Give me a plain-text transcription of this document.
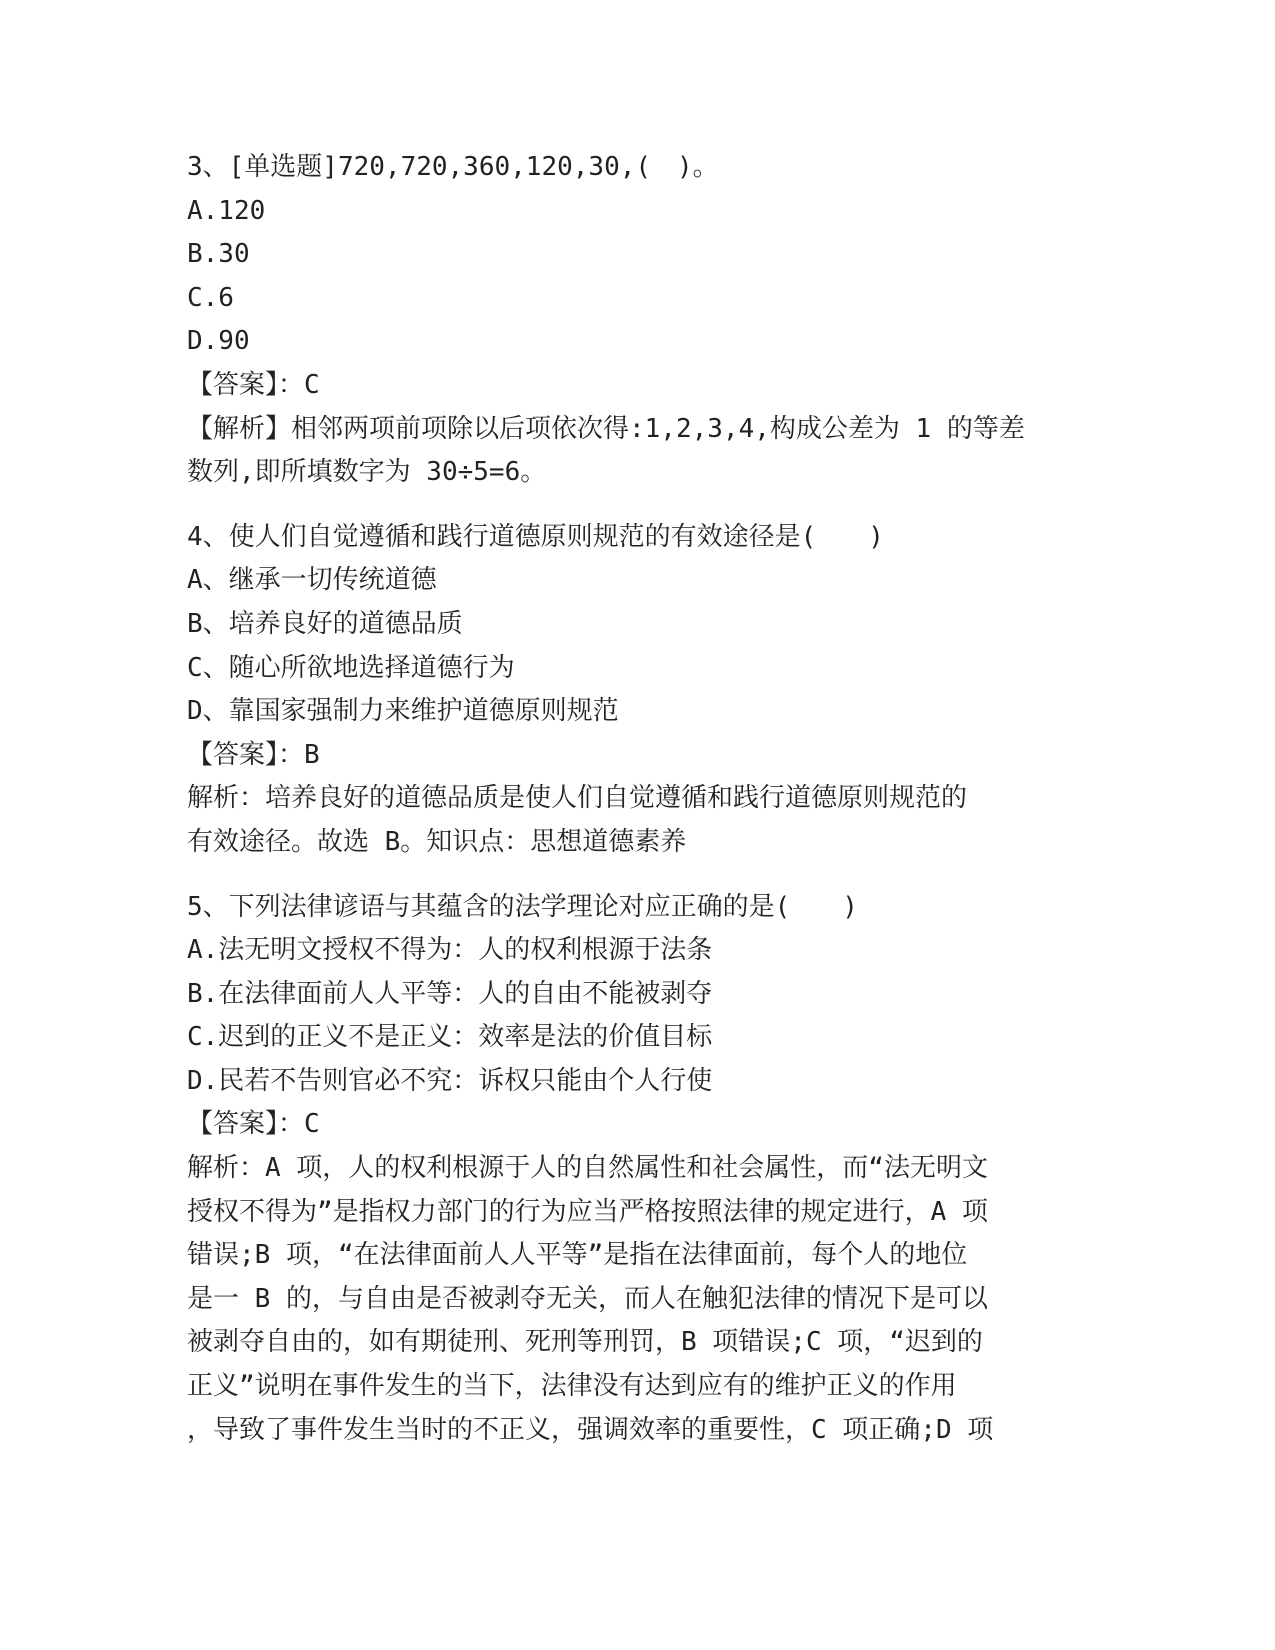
3、[单选题]720,720,360,120,30,(　)。
A.120
B.30
C.6
D.90
【答案】：C
【解析】相邻两项前项除以后项依次得:1,2,3,4,构成公差为 1 的等差
数列,即所填数字为 30÷5=6。
4、使人们自觉遵循和践行道德原则规范的有效途径是(　　)
A、继承一切传统道德
B、培养良好的道德品质
C、随心所欲地选择道德行为
D、靠国家强制力来维护道德原则规范
【答案】：B
解析：培养良好的道德品质是使人们自觉遵循和践行道德原则规范的
有效途径。故选 B。知识点：思想道德素养
5、下列法律谚语与其蕴含的法学理论对应正确的是(　　)
A.法无明文授权不得为：人的权利根源于法条
B.在法律面前人人平等：人的自由不能被剥夺
C.迟到的正义不是正义：效率是法的价值目标
D.民若不告则官必不究：诉权只能由个人行使
【答案】：C
解析：A 项，人的权利根源于人的自然属性和社会属性，而“法无明文
授权不得为”是指权力部门的行为应当严格按照法律的规定进行，A 项
错误;B 项，“在法律面前人人平等”是指在法律面前，每个人的地位
是一 B 的，与自由是否被剥夺无关，而人在触犯法律的情况下是可以
被剥夺自由的，如有期徒刑、死刑等刑罚，B 项错误;C 项，“迟到的
正义”说明在事件发生的当下，法律没有达到应有的维护正义的作用
，导致了事件发生当时的不正义，强调效率的重要性，C 项正确;D 项
